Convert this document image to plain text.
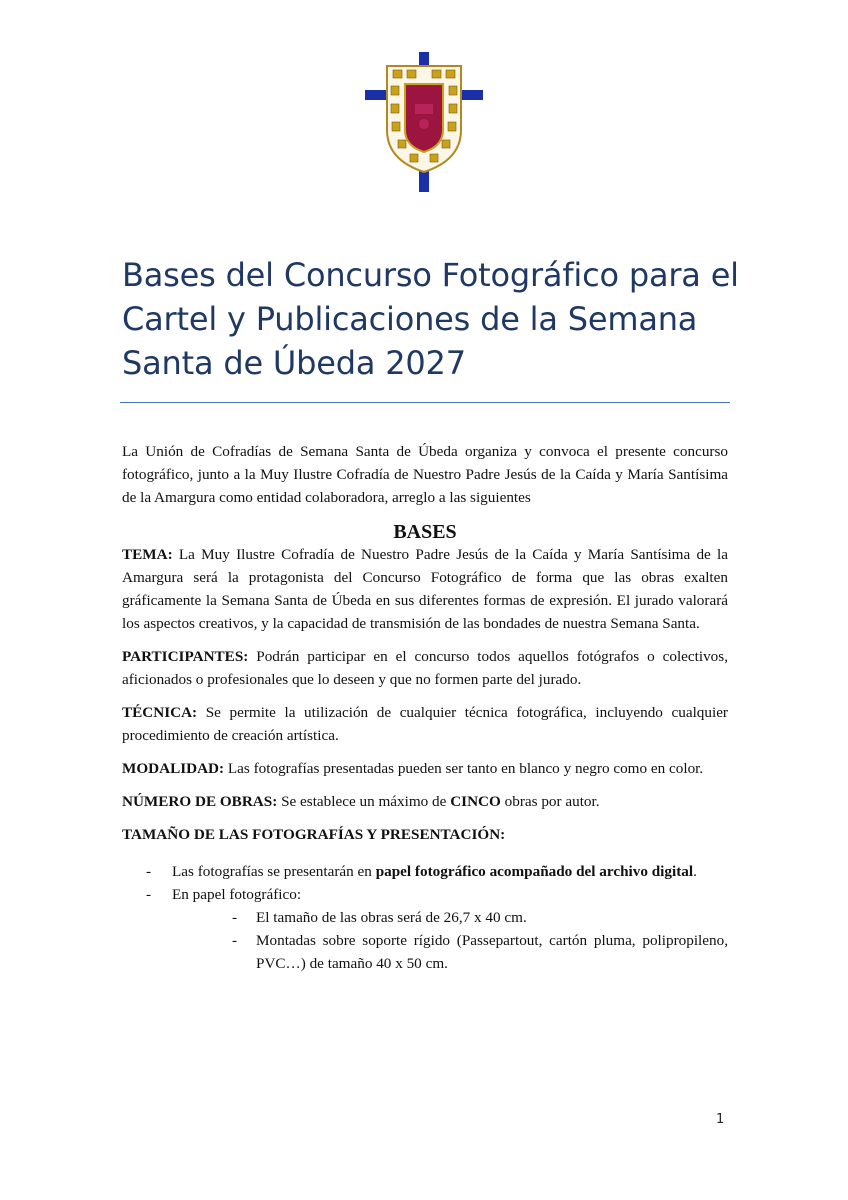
Bases del Concurso Fotográfico para el Cartel y Publicaciones de la Semana Santa de Úbeda 2027

La Unión de Cofradías de Semana Santa de Úbeda organiza y convoca el presente concurso fotográfico, junto a la Muy Ilustre Cofradía de Nuestro Padre Jesús de la Caída y María Santísima de la Amargura como entidad colaboradora, arreglo a las siguientes

BASES

TEMA: La Muy Ilustre Cofradía de Nuestro Padre Jesús de la Caída y María Santísima de la Amargura será la protagonista del Concurso Fotográfico de forma que las obras exalten gráficamente la Semana Santa de Úbeda en sus diferentes formas de expresión. El jurado valorará los aspectos creativos, y la capacidad de transmisión de las bondades de nuestra Semana Santa.

PARTICIPANTES: Podrán participar en el concurso todos aquellos fotógrafos o colectivos, aficionados o profesionales que lo deseen y que no formen parte del jurado.

TÉCNICA: Se permite la utilización de cualquier técnica fotográfica, incluyendo cualquier procedimiento de creación artística.

MODALIDAD: Las fotografías presentadas pueden ser tanto en blanco y negro como en color.

NÚMERO DE OBRAS: Se establece un máximo de CINCO obras por autor.

TAMAÑO DE LAS FOTOGRAFÍAS Y PRESENTACIÓN:

- Las fotografías se presentarán en papel fotográfico acompañado del archivo digital.
- En papel fotográfico:
- El tamaño de las obras será de 26,7 x 40 cm.
- Montadas sobre soporte rígido (Passepartout, cartón pluma, polipropileno, PVC…) de tamaño 40 x 50 cm.
1
